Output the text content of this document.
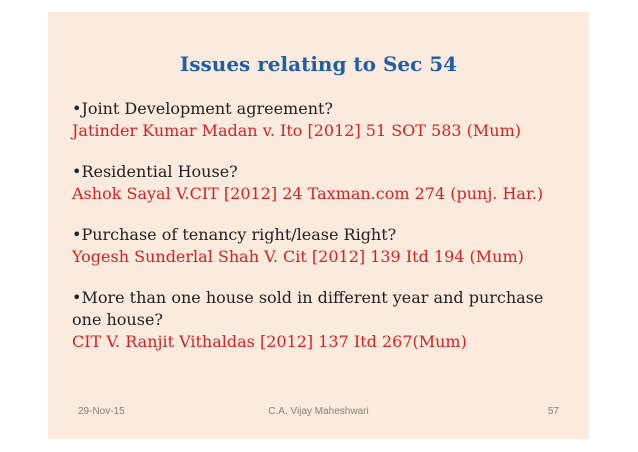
Issues relating to Sec 54
•Joint Development agreement?
Jatinder Kumar Madan v. Ito [2012] 51 SOT 583 (Mum)
•Residential House?
Ashok Sayal V.CIT [2012] 24 Taxman.com 274 (punj. Har.)
•Purchase of tenancy right/lease Right?
Yogesh Sunderlal Shah V. Cit [2012] 139 Itd 194 (Mum)
•More than one house sold in different year and purchase one house?
CIT V. Ranjit Vithaldas [2012] 137 Itd 267(Mum)
29-Nov-15	C.A. Vijay Maheshwari	57
